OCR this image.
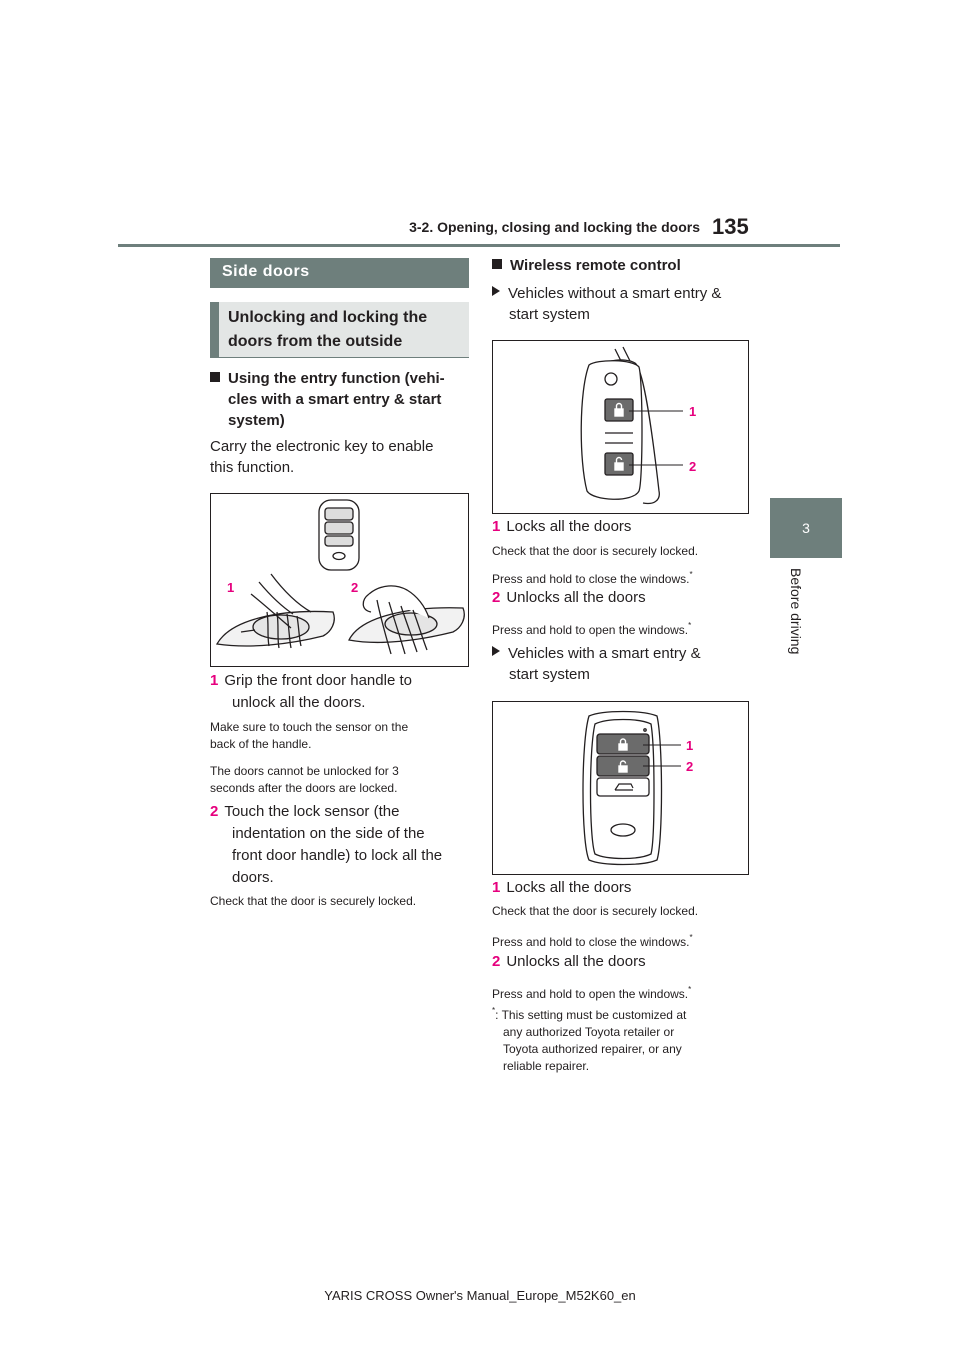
3-2. Opening, closing and locking the doors 135
3
Before driving
Side doors
Unlocking and locking the
doors from the outside
Using the entry function (vehi-
cles with a smart entry & start
system)
Carry the electronic key to enable
this function.
1	2
1 Grip the front door handle to
unlock all the doors.
Make sure to touch the sensor on the
back of the handle.
The doors cannot be unlocked for 3
seconds after the doors are locked.
2 Touch the lock sensor (the
indentation on the side of the
front door handle) to lock all the
doors.
Check that the door is securely locked.
Wireless remote control
Vehicles without a smart entry &
start system
1
2
1 Locks all the doors
Check that the door is securely locked.
Press and hold to close the windows.*
2 Unlocks all the doors
Press and hold to open the windows.*
Vehicles with a smart entry &
start system
1
2
1 Locks all the doors
Check that the door is securely locked.
Press and hold to close the windows.*
2 Unlocks all the doors
Press and hold to open the windows.*
*: This setting must be customized at
any authorized Toyota retailer or
Toyota authorized repairer, or any
reliable repairer.
YARIS CROSS Owner's Manual_Europe_M52K60_en
